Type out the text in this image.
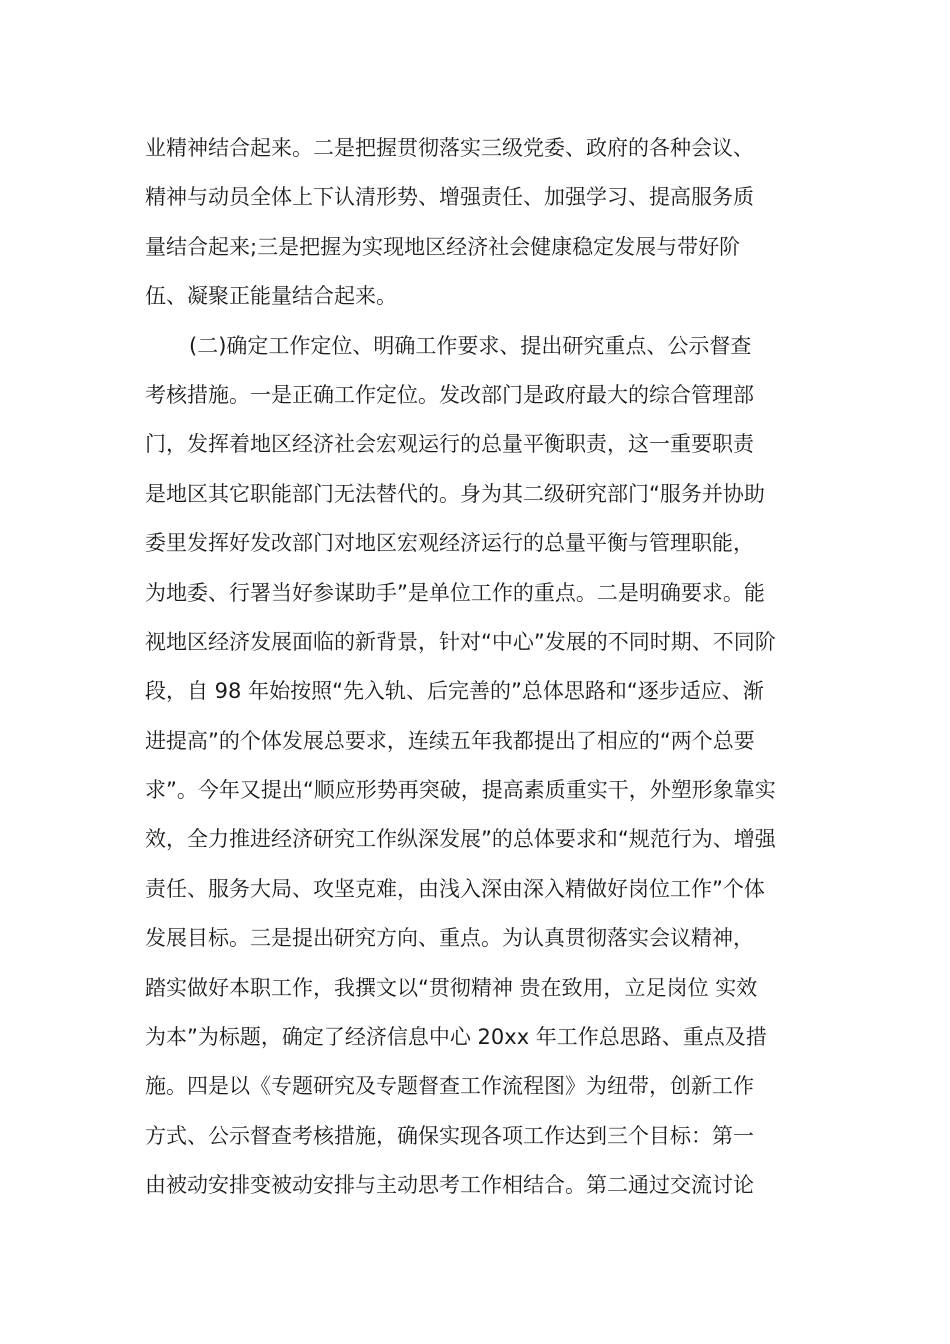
业精神结合起来。二是把握贯彻落实三级党委、政府的各种会议、
精神与动员全体上下认清形势、增强责任、加强学习、提高服务质
量结合起来;三是把握为实现地区经济社会健康稳定发展与带好阶
伍、凝聚正能量结合起来。
(二)确定工作定位、明确工作要求、提出研究重点、公示督查
考核措施。一是正确工作定位。发改部门是政府最大的综合管理部
门，发挥着地区经济社会宏观运行的总量平衡职责，这一重要职责
是地区其它职能部门无法替代的。身为其二级研究部门“服务并协助
委里发挥好发改部门对地区宏观经济运行的总量平衡与管理职能，
为地委、行署当好参谋助手”是单位工作的重点。二是明确要求。能
视地区经济发展面临的新背景，针对“中心”发展的不同时期、不同阶
段，自 98 年始按照“先入轨、后完善的”总体思路和“逐步适应、渐
进提高”的个体发展总要求，连续五年我都提出了相应的“两个总要
求”。今年又提出“顺应形势再突破，提高素质重实干，外塑形象靠实
效，全力推进经济研究工作纵深发展”的总体要求和“规范行为、增强
责任、服务大局、攻坚克难，由浅入深由深入精做好岗位工作”个体
发展目标。三是提出研究方向、重点。为认真贯彻落实会议精神，
踏实做好本职工作，我撰文以“贯彻精神 贵在致用，立足岗位 实效
为本”为标题，确定了经济信息中心 20xx 年工作总思路、重点及措
施。四是以《专题研究及专题督查工作流程图》为纽带，创新工作
方式、公示督查考核措施，确保实现各项工作达到三个目标：第一
由被动安排变被动安排与主动思考工作相结合。第二通过交流讨论
